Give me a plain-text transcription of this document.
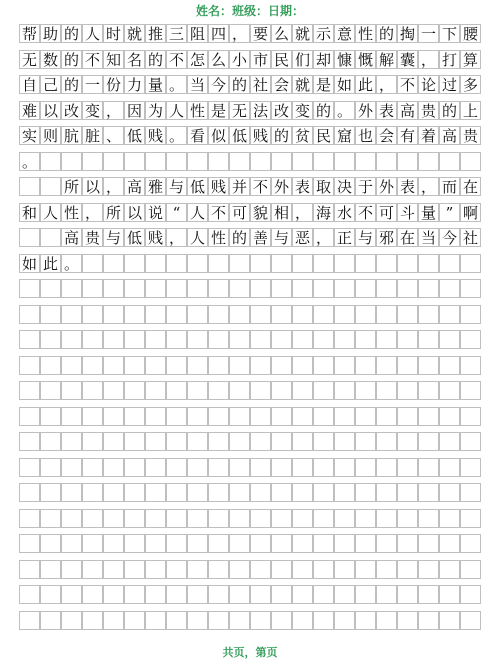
姓名：班级：日期：
帮 助 的 人 时 就 推 三 阻 四 ， 要 么 就 示 意 性 的 掏 一 下 腰
无 数 的 不 知 名 的 不 怎 么 小 市 民 们 却 慷 慨 解 囊 ， 打 算
自 己 的 一 份 力 量 。 当 今 的 社 会 就 是 如 此 ， 不 论 过 多
难 以 改 变 ， 因 为 人 性 是 无 法 改 变 的 。 外 表 高 贵 的 上
实 则 肮 脏 、 低 贱 。 看 似 低 贱 的 贫 民 窟 也 会 有 着 高 贵
。

所 以 ， 高 雅 与 低 贱 并 不 外 表 取 决 于 外 表 ， 而 在
和 人 性 ， 所 以 说 “ 人 不 可 貌 相 ， 海 水 不 可 斗 量 ” 啊

高 贵 与 低 贱 ， 人 性 的 善 与 恶 ， 正 与 邪 在 当 今 社
如 此 。
共页，第页
